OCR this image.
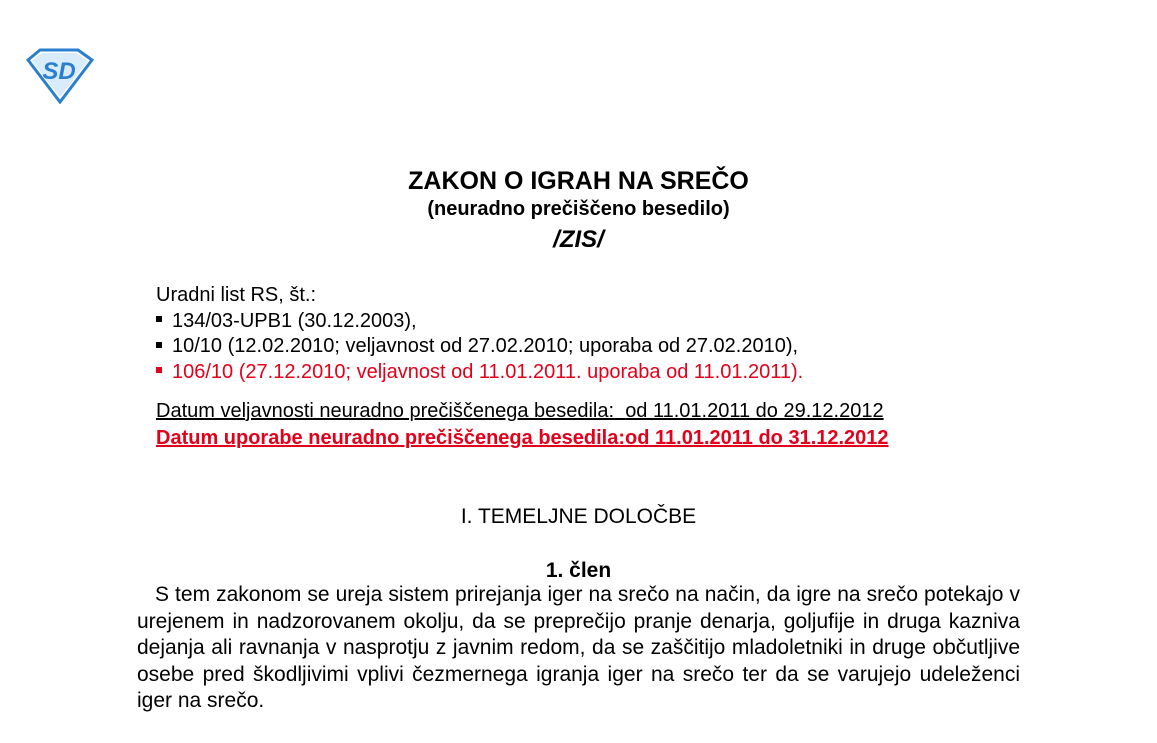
SD
ZAKON O IGRAH NA SREČO
(neuradno prečiščeno besedilo)
/ZIS/
Uradni list RS, št.:
134/03-UPB1 (30.12.2003),
10/10 (12.02.2010; veljavnost od 27.02.2010; uporaba od 27.02.2010),
106/10 (27.12.2010; veljavnost od 11.01.2011. uporaba od 11.01.2011).
Datum veljavnosti neuradno prečiščenega besedila: od 11.01.2011 do 29.12.2012
Datum uporabe neuradno prečiščenega besedila:od 11.01.2011 do 31.12.2012
I. TEMELJNE DOLOČBE
1. člen

S tem zakonom se ureja sistem prirejanja iger na srečo na način, da igre na srečo potekajo v urejenem in nadzorovanem okolju, da se preprečijo pranje denarja, goljufije in druga kazniva dejanja ali ravnanja v nasprotju z javnim redom, da se zaščitijo mladoletniki in druge občutljive osebe pred škodljivimi vplivi čezmernega igranja iger na srečo ter da se varujejo udeleženci iger na srečo.
